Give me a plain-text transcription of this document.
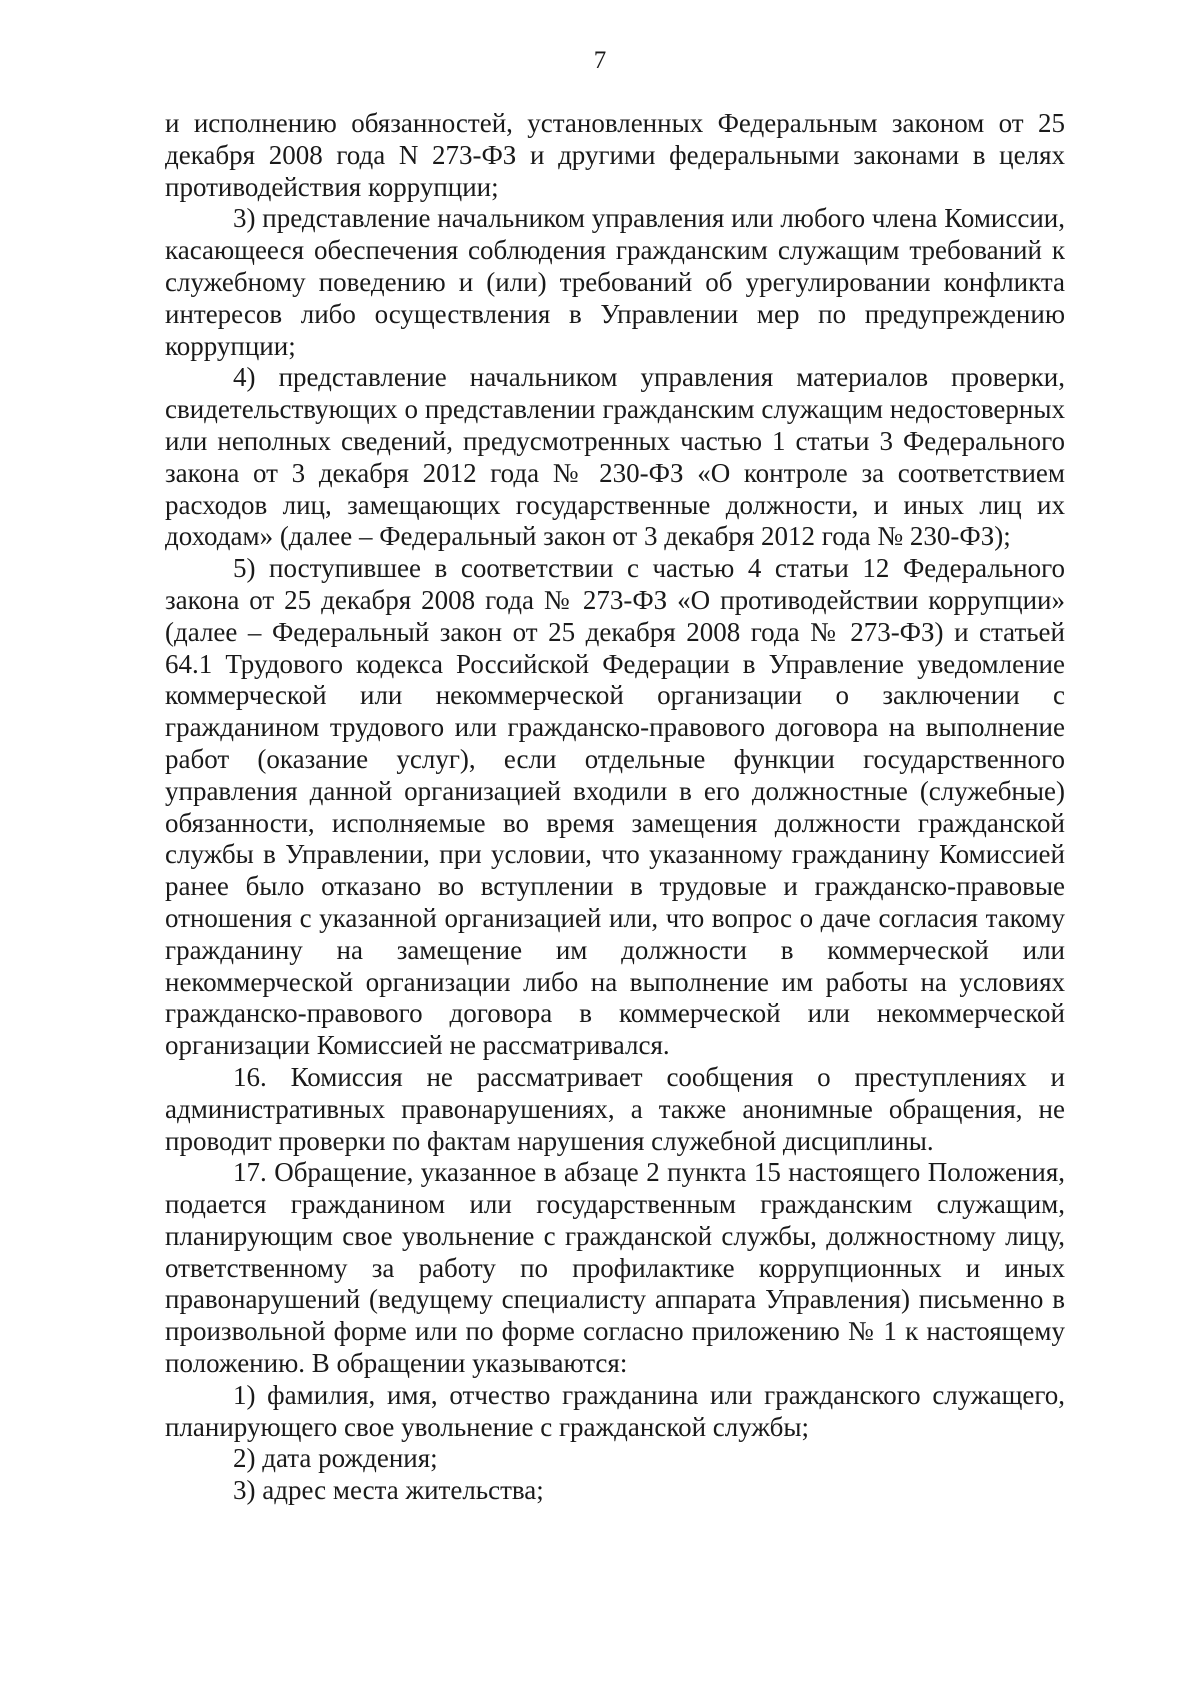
7

и исполнению обязанностей, установленных Федеральным законом от 25 декабря 2008 года N 273-ФЗ и другими федеральными законами в целях противодействия коррупции;

3) представление начальником управления или любого члена Комиссии, касающееся обеспечения соблюдения гражданским служащим требований к служебному поведению и (или) требований об урегулировании конфликта интересов либо осуществления в Управлении мер по предупреждению коррупции;

4) представление начальником управления материалов проверки, свидетельствующих о представлении гражданским служащим недостоверных или неполных сведений, предусмотренных частью 1 статьи 3 Федерального закона от 3 декабря 2012 года № 230-ФЗ «О контроле за соответствием расходов лиц, замещающих государственные должности, и иных лиц их доходам» (далее – Федеральный закон от 3 декабря 2012 года № 230-ФЗ);

5) поступившее в соответствии с частью 4 статьи 12 Федерального закона от 25 декабря 2008 года № 273-ФЗ «О противодействии коррупции» (далее – Федеральный закон от 25 декабря 2008 года № 273-ФЗ) и статьей 64.1 Трудового кодекса Российской Федерации в Управление уведомление коммерческой или некоммерческой организации о заключении с гражданином трудового или гражданско-правового договора на выполнение работ (оказание услуг), если отдельные функции государственного управления данной организацией входили в его должностные (служебные) обязанности, исполняемые во время замещения должности гражданской службы в Управлении, при условии, что указанному гражданину Комиссией ранее было отказано во вступлении в трудовые и гражданско-правовые отношения с указанной организацией или, что вопрос о даче согласия такому гражданину на замещение им должности в коммерческой или некоммерческой организации либо на выполнение им работы на условиях гражданско-правового договора в коммерческой или некоммерческой организации Комиссией не рассматривался.

16. Комиссия не рассматривает сообщения о преступлениях и административных правонарушениях, а также анонимные обращения, не проводит проверки по фактам нарушения служебной дисциплины.

17. Обращение, указанное в абзаце 2 пункта 15 настоящего Положения, подается гражданином или государственным гражданским служащим, планирующим свое увольнение с гражданской службы, должностному лицу, ответственному за работу по профилактике коррупционных и иных правонарушений (ведущему специалисту аппарата Управления) письменно в произвольной форме или по форме согласно приложению № 1 к настоящему положению. В обращении указываются:

1) фамилия, имя, отчество гражданина или гражданского служащего, планирующего свое увольнение с гражданской службы;

2) дата рождения;

3) адрес места жительства;
